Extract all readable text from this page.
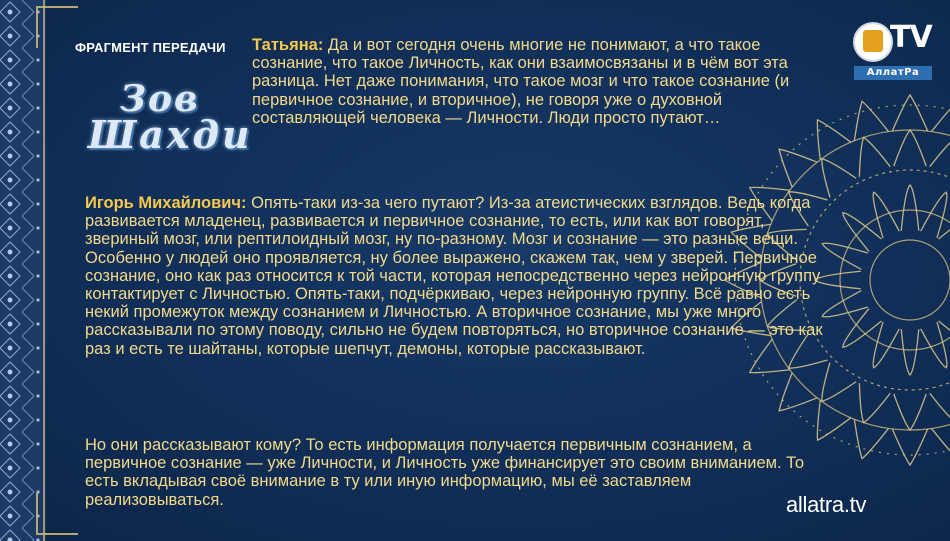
ФРАГМЕНТ ПЕРЕДАЧИ
Зов
Шахди
Татьяна: Да и вот сегодня очень многие не понимают, а что такое сознание, что такое Личность, как они взаимосвязаны и в чём вот эта разница. Нет даже понимания, что такое мозг и что такое сознание (и первичное сознание, и вторичное), не говоря уже о духовной составляющей человека — Личности. Люди просто путают…
Игорь Михайлович: Опять-таки из-за чего путают? Из-за атеистических взглядов. Ведь когда развивается младенец, развивается и первичное сознание, то есть, или как вот говорят, звериный мозг, или рептилоидный мозг, ну по-разному. Мозг и сознание — это разные вещи. Особенно у людей оно проявляется, ну более выражено, скажем так, чем у зверей. Первичное сознание, оно как раз относится к той части, которая непосредственно через нейронную группу контактирует с Личностью. Опять-таки, подчёркиваю, через нейронную группу. Всё равно есть некий промежуток между сознанием и Личностью. А вторичное сознание, мы уже много рассказывали по этому поводу, сильно не будем повторяться, но вторичное сознание — это как раз и есть те шайтаны, которые шепчут, демоны, которые рассказывают.
Но они рассказывают кому? То есть информация получается первичным сознанием, а первичное сознание — уже Личности, и Личность уже финансирует это своим вниманием. То есть вкладывая своё внимание в ту или иную информацию, мы её заставляем реализовываться.
TV
АллатРа
allatra.tv
